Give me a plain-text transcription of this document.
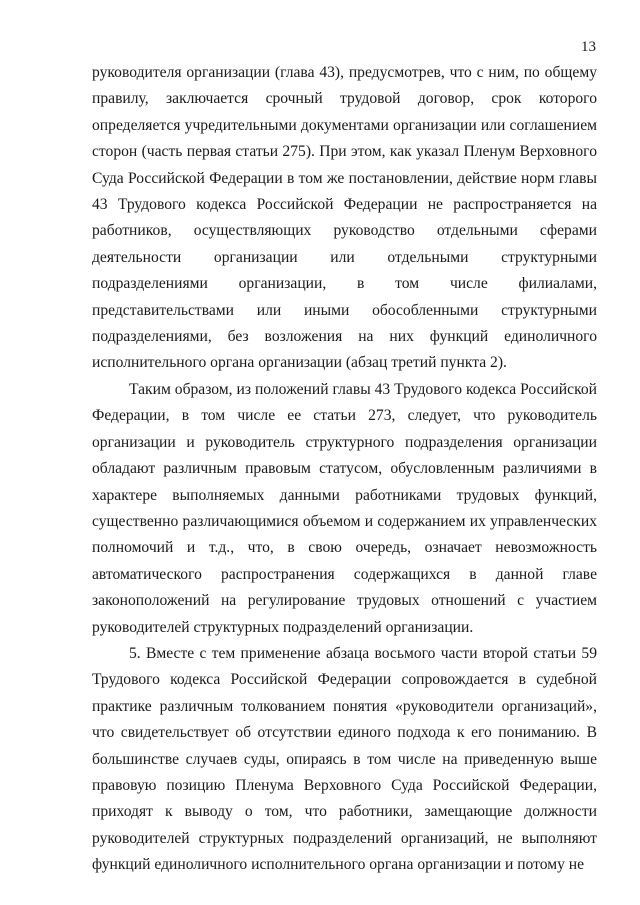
13

руководителя организации (глава 43), предусмотрев, что с ним, по общему правилу, заключается срочный трудовой договор, срок которого определяется учредительными документами организации или соглашением сторон (часть первая статьи 275). При этом, как указал Пленум Верховного Суда Российской Федерации в том же постановлении, действие норм главы 43 Трудового кодекса Российской Федерации не распространяется на работников, осуществляющих руководство отдельными сферами деятельности организации или отдельными структурными подразделениями организации, в том числе филиалами, представительствами или иными обособленными структурными подразделениями, без возложения на них функций единоличного исполнительного органа организации (абзац третий пункта 2).

Таким образом, из положений главы 43 Трудового кодекса Российской Федерации, в том числе ее статьи 273, следует, что руководитель организации и руководитель структурного подразделения организации обладают различным правовым статусом, обусловленным различиями в характере выполняемых данными работниками трудовых функций, существенно различающимися объемом и содержанием их управленческих полномочий и т.д., что, в свою очередь, означает невозможность автоматического распространения содержащихся в данной главе законоположений на регулирование трудовых отношений с участием руководителей структурных подразделений организации.

5. Вместе с тем применение абзаца восьмого части второй статьи 59 Трудового кодекса Российской Федерации сопровождается в судебной практике различным толкованием понятия «руководители организаций», что свидетельствует об отсутствии единого подхода к его пониманию. В большинстве случаев суды, опираясь в том числе на приведенную выше правовую позицию Пленума Верховного Суда Российской Федерации, приходят к выводу о том, что работники, замещающие должности руководителей структурных подразделений организаций, не выполняют функций единоличного исполнительного органа организации и потому не
